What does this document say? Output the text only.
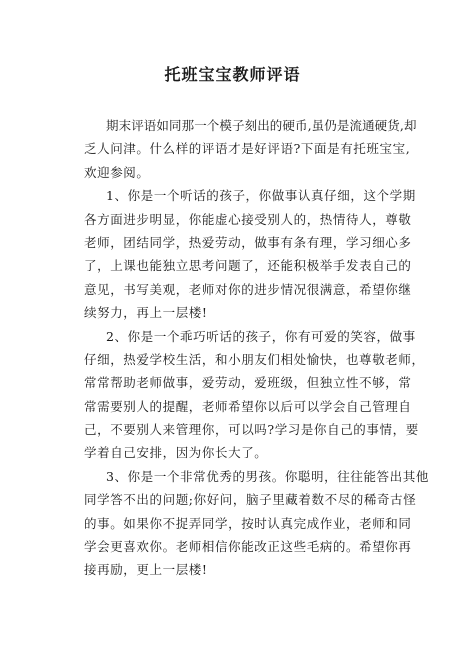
托班宝宝教师评语
期末评语如同那一个模子刻出的硬币,虽仍是流通硬货,却
乏人问津。什么样的评语才是好评语?下面是有托班宝宝,
欢迎参阅。
1、你是一个听话的孩子，你做事认真仔细，这个学期
各方面进步明显，你能虚心接受别人的，热情待人，尊敬
老师，团结同学，热爱劳动，做事有条有理，学习细心多
了，上课也能独立思考问题了，还能积极举手发表自己的
意见，书写美观，老师对你的进步情况很满意，希望你继
续努力，再上一层楼!
2、你是一个乖巧听话的孩子，你有可爱的笑容，做事
仔细，热爱学校生活，和小朋友们相处愉快，也尊敬老师，
常常帮助老师做事，爱劳动，爱班级，但独立性不够，常
常需要别人的提醒，老师希望你以后可以学会自己管理自
己，不要别人来管理你，可以吗?学习是你自己的事情，要
学着自己安排，因为你长大了。
3、你是一个非常优秀的男孩。你聪明，往往能答出其他
同学答不出的问题;你好问，脑子里藏着数不尽的稀奇古怪
的事。如果你不捉弄同学，按时认真完成作业，老师和同
学会更喜欢你。老师相信你能改正这些毛病的。希望你再
接再励，更上一层楼!
